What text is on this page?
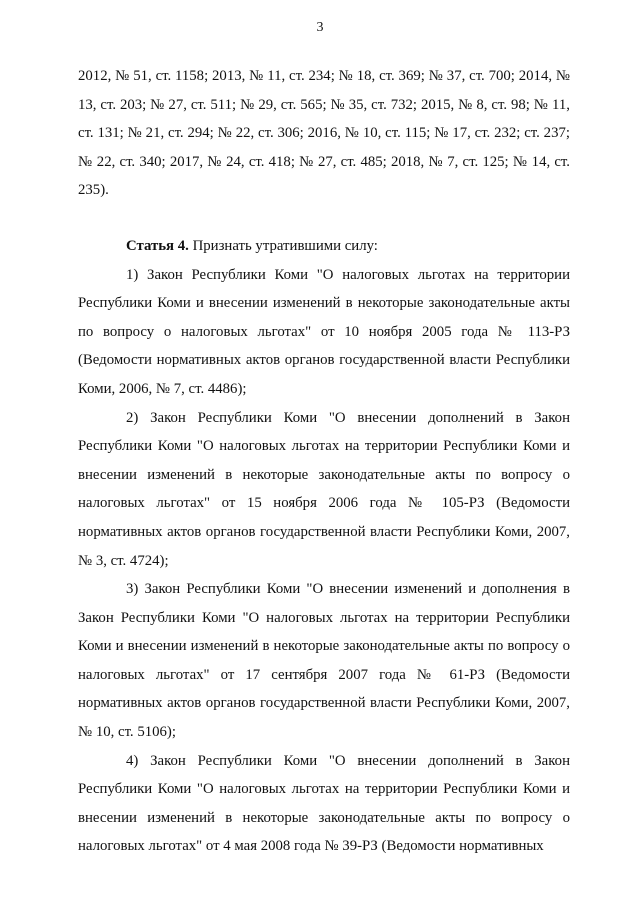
3

2012, № 51, ст. 1158; 2013, № 11, ст. 234; № 18, ст. 369; № 37, ст. 700; 2014, № 13, ст. 203; № 27, ст. 511; № 29, ст. 565; № 35, ст. 732; 2015, № 8, ст. 98; № 11, ст. 131; № 21, ст. 294; № 22, ст. 306; 2016, № 10, ст. 115; № 17, ст. 232; ст. 237; № 22, ст. 340; 2017, № 24, ст. 418; № 27, ст. 485; 2018, № 7, ст. 125; № 14, ст. 235).

Статья 4. Признать утратившими силу:

1) Закон Республики Коми "О налоговых льготах на территории Республики Коми и внесении изменений в некоторые законодательные акты по вопросу о налоговых льготах" от 10 ноября 2005 года № 113-РЗ (Ведомости нормативных актов органов государственной власти Республики Коми, 2006, № 7, ст. 4486);

2) Закон Республики Коми "О внесении дополнений в Закон Республики Коми "О налоговых льготах на территории Республики Коми и внесении изменений в некоторые законодательные акты по вопросу о налоговых льготах" от 15 ноября 2006 года № 105-РЗ (Ведомости нормативных актов органов государственной власти Республики Коми, 2007, № 3, ст. 4724);

3) Закон Республики Коми "О внесении изменений и дополнения в Закон Республики Коми "О налоговых льготах на территории Республики Коми и внесении изменений в некоторые законодательные акты по вопросу о налоговых льготах" от 17 сентября 2007 года № 61-РЗ (Ведомости нормативных актов органов государственной власти Республики Коми, 2007, № 10, ст. 5106);

4) Закон Республики Коми "О внесении дополнений в Закон Республики Коми "О налоговых льготах на территории Республики Коми и внесении изменений в некоторые законодательные акты по вопросу о налоговых льготах" от 4 мая 2008 года № 39-РЗ (Ведомости нормативных
